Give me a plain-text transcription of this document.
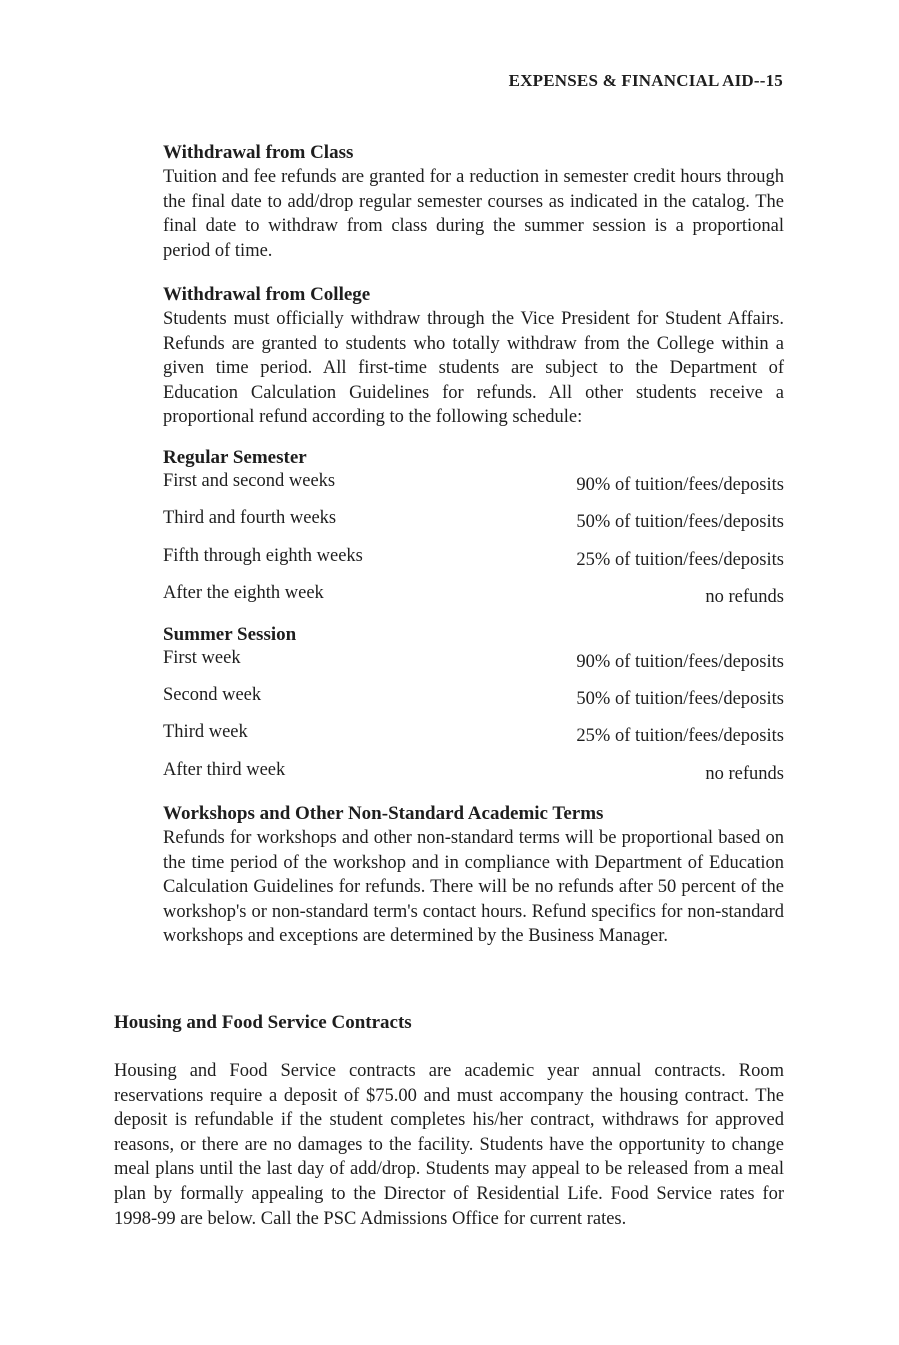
EXPENSES & FINANCIAL AID--15
Withdrawal from Class

Tuition and fee refunds are granted for a reduction in semester credit hours through the final date to add/drop regular semester courses as indicated in the catalog. The final date to withdraw from class during the summer session is a proportional period of time.

Withdrawal from College

Students must officially withdraw through the Vice President for Student Affairs. Refunds are granted to students who totally withdraw from the College within a given time period. All first-time students are subject to the Department of Education Calculation Guidelines for refunds. All other students receive a proportional refund according to the following schedule:

Regular Semester
First and second weeks	90% of tuition/fees/deposits
Third and fourth weeks	50% of tuition/fees/deposits
Fifth through eighth weeks	25% of tuition/fees/deposits
After the eighth week	no refunds
Summer Session
First week	90% of tuition/fees/deposits
Second week	50% of tuition/fees/deposits
Third week	25% of tuition/fees/deposits
After third week	no refunds
Workshops and Other Non-Standard Academic Terms

Refunds for workshops and other non-standard terms will be proportional based on the time period of the workshop and in compliance with Department of Education Calculation Guidelines for refunds. There will be no refunds after 50 percent of the workshop's or non-standard term's contact hours. Refund specifics for non-standard workshops and exceptions are determined by the Business Manager.

Housing and Food Service Contracts

Housing and Food Service contracts are academic year annual contracts. Room reservations require a deposit of $75.00 and must accompany the housing contract. The deposit is refundable if the student completes his/her contract, withdraws for approved reasons, or there are no damages to the facility. Students have the opportunity to change meal plans until the last day of add/drop. Students may appeal to be released from a meal plan by formally appealing to the Director of Residential Life. Food Service rates for 1998-99 are below. Call the PSC Admissions Office for current rates.
